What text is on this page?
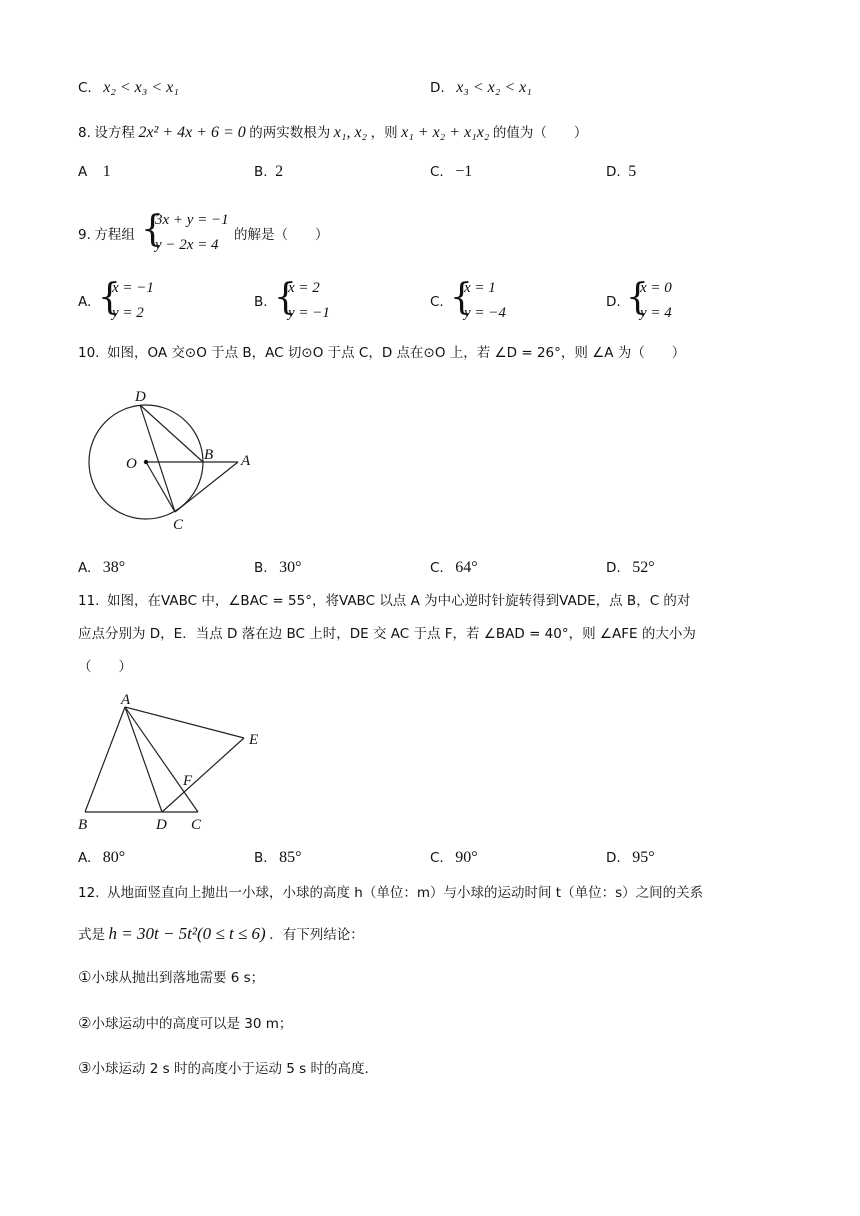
C. x₂ < x₃ < x₁	D. x₃ < x₂ < x₁
8. 设方程 2x² + 4x + 6 = 0 的两实数根为 x₁, x₂ ，则 x₁ + x₂ + x₁x₂ 的值为（　　）
A 1	B. 2	C. −1	D. 5
9. 方程组 {
3x + y = −1
y − 2x = 4
的解是（　　）
A. {
x = −1
y = 2
B. {
x = 2
y = −1
C. {
x = 1
y = −4
D. {
x = 0
y = 4
10. 如图，OA 交⊙O 于点 B，AC 切⊙O 于点 C，D 点在⊙O 上，若 ∠D = 26°，则 ∠A 为（　　）
D
O
B A
C
A. 38°	B. 30°	C. 64°	D. 52°
11. 如图，在VABC 中，∠BAC = 55°，将VABC 以点 A 为中心逆时针旋转得到VADE，点 B，C 的对
应点分别为 D，E．当点 D 落在边 BC 上时，DE 交 AC 于点 F，若 ∠BAD = 40°，则 ∠AFE 的大小为
（　　）
A
E
F
B	D C
A. 80°	B. 85°	C. 90°	D. 95°
12. 从地面竖直向上抛出一小球，小球的高度 h（单位：m）与小球的运动时间 t（单位：s）之间的关系
式是 h = 30t − 5t²(0 ≤ t ≤ 6) ．有下列结论：
①小球从抛出到落地需要 6 s；
②小球运动中的高度可以是 30 m；
③小球运动 2 s 时的高度小于运动 5 s 时的高度.
